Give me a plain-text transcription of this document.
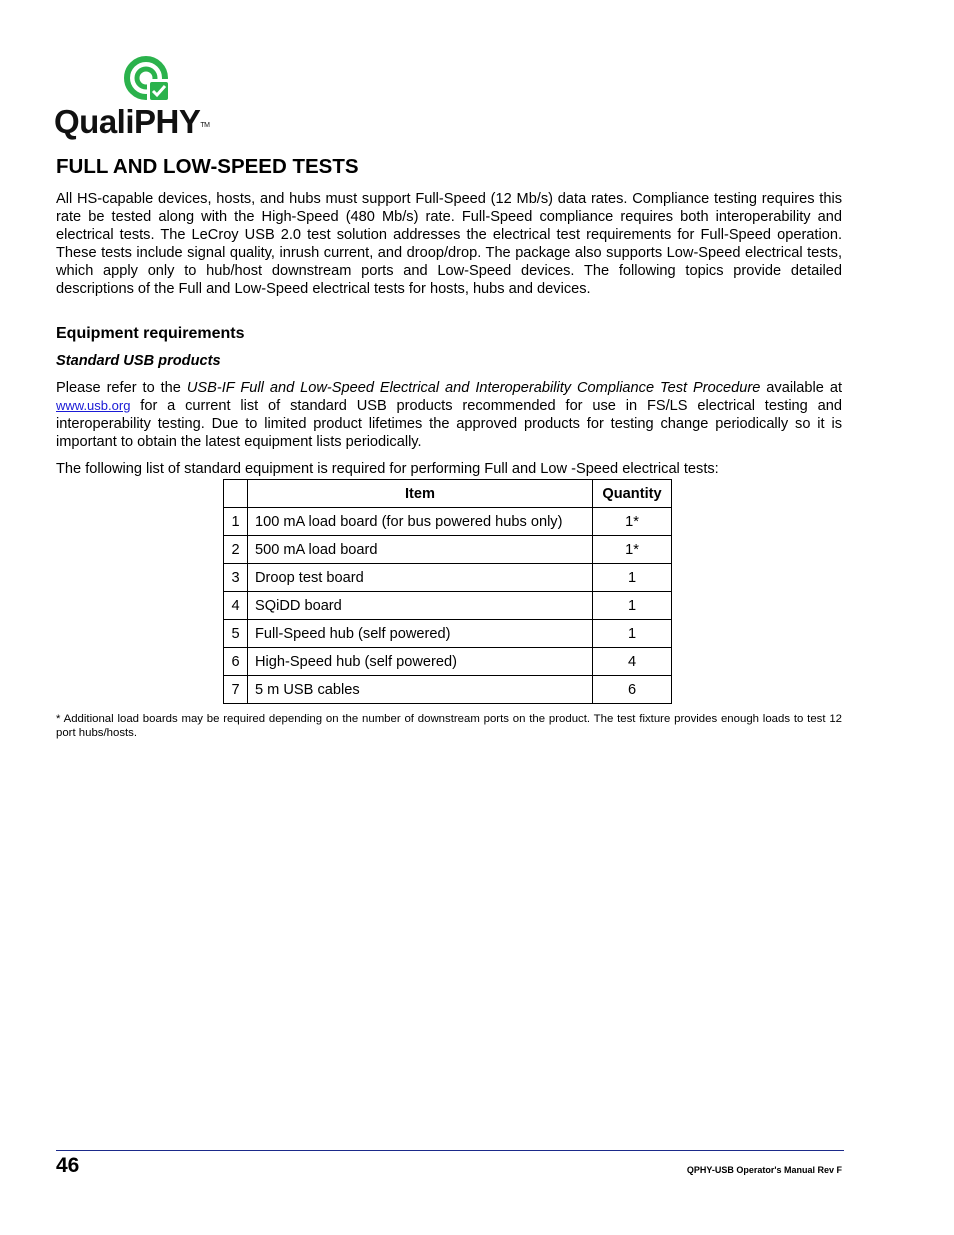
QualiPHY™
FULL AND LOW-SPEED TESTS

All HS-capable devices, hosts, and hubs must support Full-Speed (12 Mb/s) data rates. Compliance testing requires this rate be tested along with the High-Speed (480 Mb/s) rate. Full-Speed compliance requires both interoperability and electrical tests. The LeCroy USB 2.0 test solution addresses the electrical test requirements for Full-Speed operation. These tests include signal quality, inrush current, and droop/drop. The package also supports Low-Speed electrical tests, which apply only to hub/host downstream ports and Low-Speed devices. The following topics provide detailed descriptions of the Full and Low-Speed electrical tests for hosts, hubs and devices.

Equipment requirements
Standard USB products

Please refer to the USB-IF Full and Low-Speed Electrical and Interoperability Compliance Test Procedure available at www.usb.org for a current list of standard USB products recommended for use in FS/LS electrical testing and interoperability testing. Due to limited product lifetimes the approved products for testing change periodically so it is important to obtain the latest equipment lists periodically.

The following list of standard equipment is required for performing Full and Low -Speed electrical tests:

	Item	Quantity
1	100 mA load board (for bus powered hubs only)	1*
2	500 mA load board	1*
3	Droop test board	1
4	SQiDD board	1
5	Full-Speed hub (self powered)	1
6	High-Speed hub (self powered)	4
7	5 m USB cables	6

* Additional load boards may be required depending on the number of downstream ports on the product. The test fixture provides enough loads to test 12 port hubs/hosts.

46	QPHY-USB Operator's Manual Rev F
